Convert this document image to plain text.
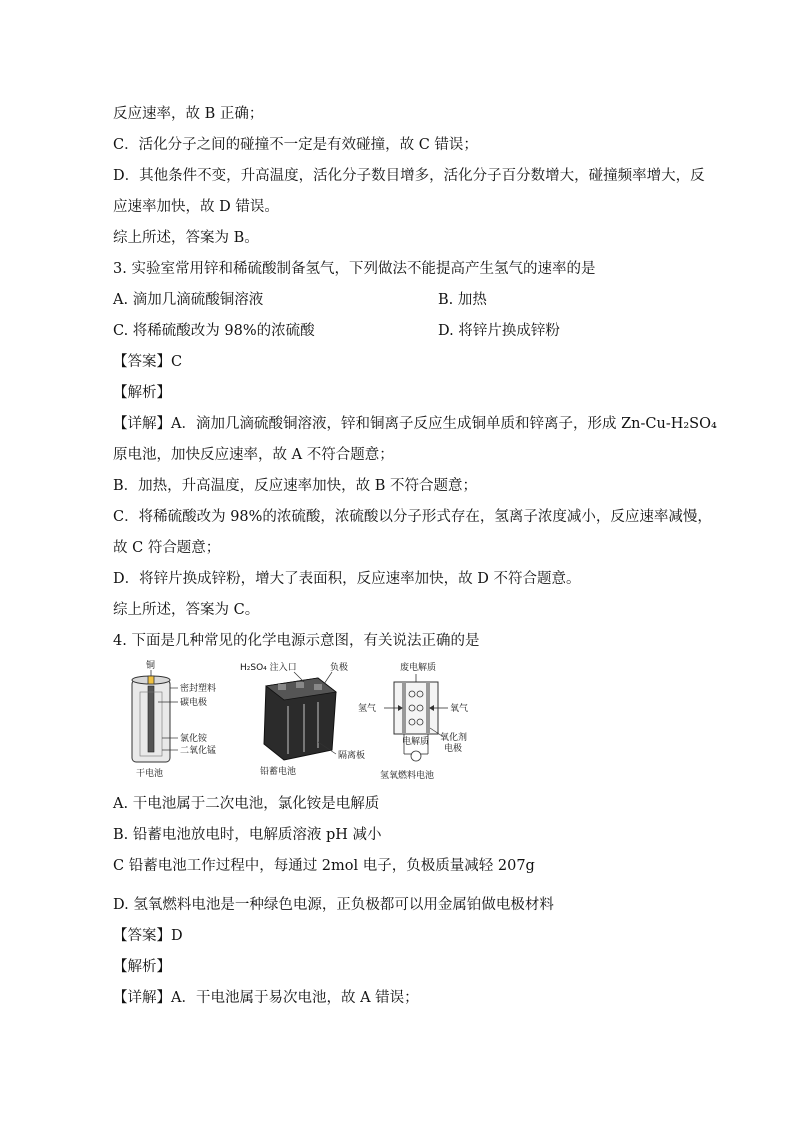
反应速率，故 B 正确；
C．活化分子之间的碰撞不一定是有效碰撞，故 C 错误；
D．其他条件不变，升高温度，活化分子数目增多，活化分子百分数增大，碰撞频率增大，反
应速率加快，故 D 错误。
综上所述，答案为 B。
3. 实验室常用锌和稀硫酸制备氢气，下列做法不能提高产生氢气的速率的是
A. 滴加几滴硫酸铜溶液	B. 加热
C. 将稀硫酸改为 98%的浓硫酸	D. 将锌片换成锌粉
【答案】C
【解析】
【详解】A．滴加几滴硫酸铜溶液，锌和铜离子反应生成铜单质和锌离子，形成 Zn-Cu-H₂SO₄
原电池，加快反应速率，故 A 不符合题意；
B．加热，升高温度，反应速率加快，故 B 不符合题意；
C．将稀硫酸改为 98%的浓硫酸，浓硫酸以分子形式存在，氢离子浓度减小，反应速率减慢，
故 C 符合题意；
D．将锌片换成锌粉，增大了表面积，反应速率加快，故 D 不符合题意。
综上所述，答案为 C。
4. 下面是几种常见的化学电源示意图，有关说法正确的是
铜
密封塑料
碳电极
氯化铵
二氧化锰
干电池
H₂SO₄ 注入口	负极
隔离板
铅蓄电池
废电解质
氢气	氧气
电解质 氧化剂
电极
氢氧燃料电池
A. 干电池属于二次电池，氯化铵是电解质
B. 铅蓄电池放电时，电解质溶液 pH 减小
C 铅蓄电池工作过程中，每通过 2mol 电子，负极质量减轻 207g
D. 氢氧燃料电池是一种绿色电源，正负极都可以用金属铂做电极材料
【答案】D
【解析】
【详解】A．干电池属于易次电池，故 A 错误；
